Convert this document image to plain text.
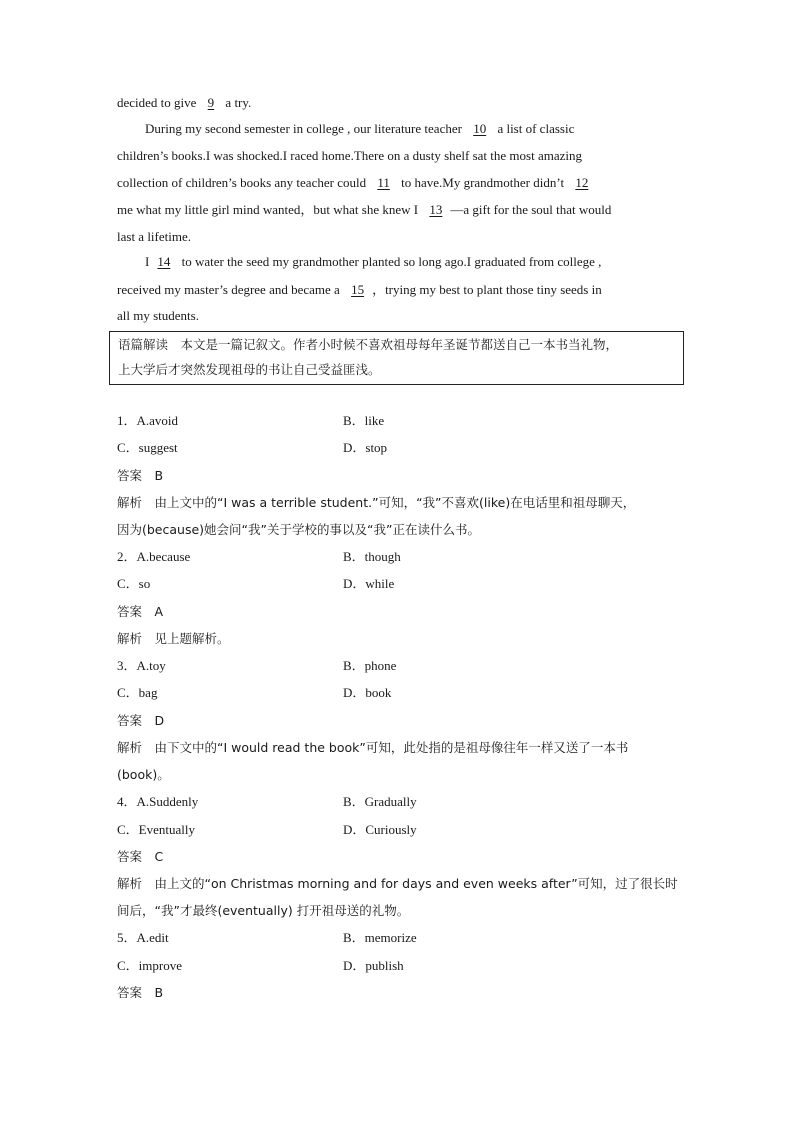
decided to give 9 a try.
During my second semester in college , our literature teacher 10 a list of classic
children’s books.I was shocked.I raced home.There on a dusty shelf sat the most amazing
collection of children’s books any teacher could 11 to have.My grandmother didn’t 12
me what my little girl mind wanted，but what she knew I 13 —a gift for the soul that would
last a lifetime.
I 14 to water the seed my grandmother planted so long ago.I graduated from college ,
received my master’s degree and became a 15 ，trying my best to plant those tiny seeds in
all my students.
语篇解读　本文是一篇记叙文。作者小时候不喜欢祖母每年圣诞节都送自己一本书当礼物，
上大学后才突然发现祖母的书让自己受益匪浅。
1．A.avoid	B．like
C．suggest	D．stop
答案　B
解析　由上文中的“I was a terrible student.”可知，“我”不喜欢(like)在电话里和祖母聊天，
因为(because)她会问“我”关于学校的事以及“我”正在读什么书。
2．A.because	B．though
C．so	D．while
答案　A
解析　见上题解析。
3．A.toy	B．phone
C．bag	D．book
答案　D
解析　由下文中的“I would read the book”可知，此处指的是祖母像往年一样又送了一本书
(book)。
4．A.Suddenly	B．Gradually
C．Eventually	D．Curiously
答案　C
解析　由上文的“on Christmas morning and for days and even weeks after”可知，过了很长时
间后，“我”才最终(eventually) 打开祖母送的礼物。
5．A.edit	B．memorize
C．improve	D．publish
答案　B
